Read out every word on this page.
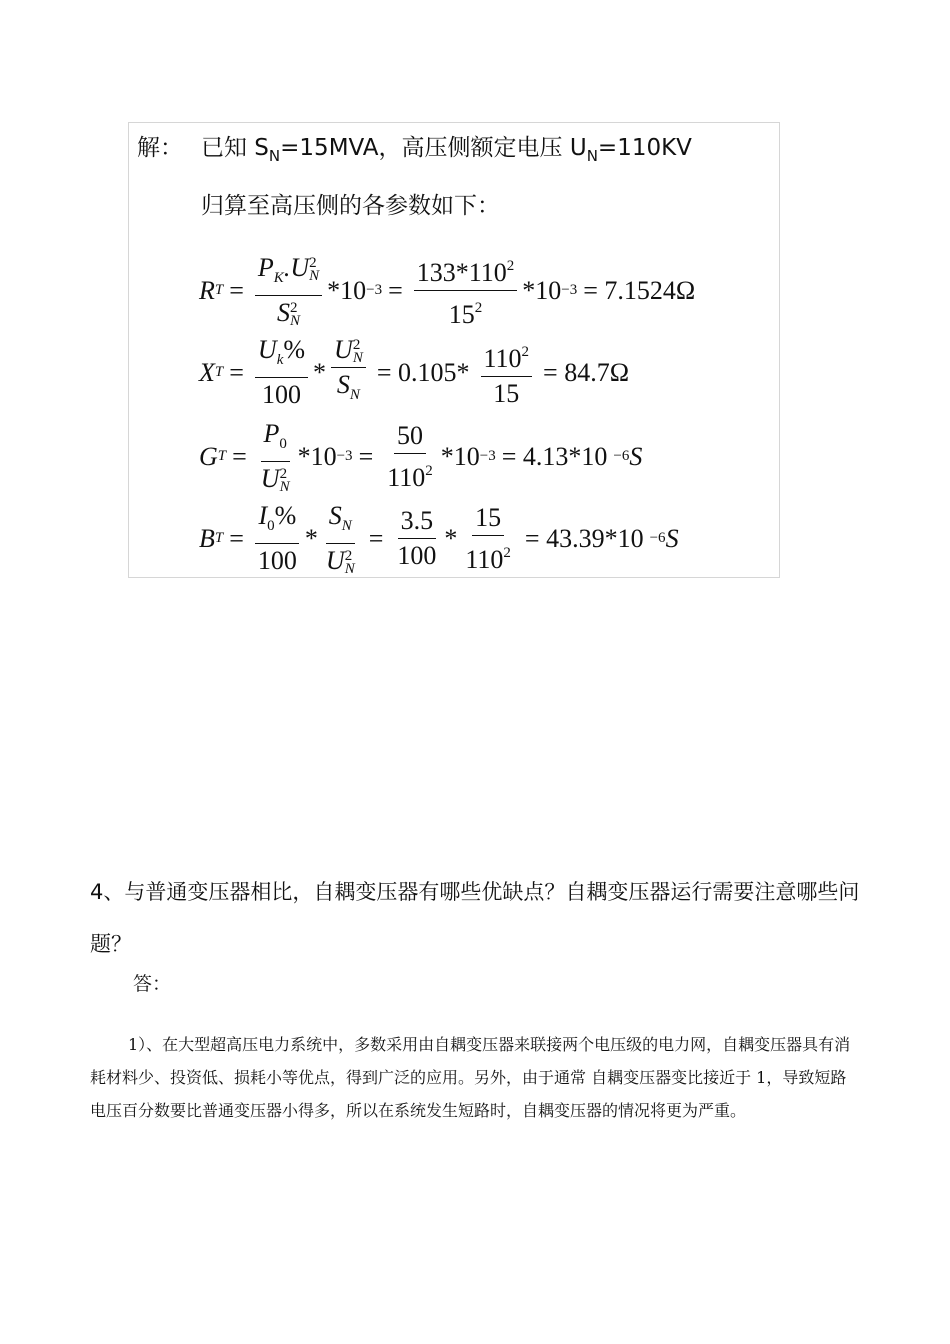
解： 已知 $S_N=15MVA$，高压侧额定电压 $U_N=110KV$
归算至高压侧的各参数如下：
R $T = P_K.U$ 2
N
S 2
N $*10 -3 = \frac{133*110^2}{15^2} *10 -3 = 7.1524\Omega$
X $T = \frac{U_k\%}{100} * U$ 2
N
$S_N = 0.105* \frac{110^2}{15} = 84.7\Omega$
G $T = P_0$
U 2
N $*10 -3 = \frac{50}{110^2} *10 -3 = 4.13*10 -6$ S
B $T = \frac{I_0\%}{100} * S_N$
U 2
$N = \frac{3.5}{100} * \frac{15}{110^2} = 43.39*10 -6$ S
4、与普通变压器相比，自耦变压器有哪些优缺点？自耦变压器运行需要注意哪些问题？
答：
1）、在大型超高压电力系统中，多数采用由自耦变压器来联接两个电压级的电力网，自耦变压器具有消耗材料少、投资低、损耗小等优点，得到广泛的应用。另外，由于通常 自耦变压器变比接近于 1，导致短路电压百分数要比普通变压器小得多，所以在系统发生短路时，自耦变压器的情况将更为严重。
